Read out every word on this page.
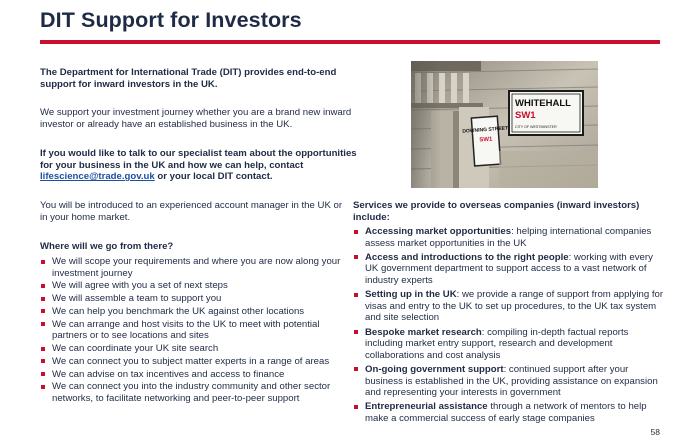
DIT Support for Investors
The Department for International Trade (DIT) provides end-to-end support for inward investors in the UK.
We support your investment journey whether you are a brand new inward investor or already have an established business in the UK.
If you would like to talk to our specialist team about the opportunities for your business in the UK and how we can help, contact lifescience@trade.gov.uk or your local DIT contact.
DOWNING STREET
SW1
WHITEHALL
SW1
CITY OF WESTMINSTER
You will be introduced to an experienced account manager in the UK or in your home market.
Where will we go from there?
We will scope your requirements and where you are now along your investment journey
We will agree with you a set of next steps
We will assemble a team to support you
We can help you benchmark the UK against other locations
We can arrange and host visits to the UK to meet with potential partners or to see locations and sites
We can coordinate your UK site search
We can connect you to subject matter experts in a range of areas
We can advise on tax incentives and access to finance
We can connect you into the industry community and other sector networks, to facilitate networking and peer-to-peer support
Services we provide to overseas companies (inward investors) include:
Accessing market opportunities: helping international companies assess market opportunities in the UK
Access and introductions to the right people: working with every UK government department to support access to a vast network of industry experts
Setting up in the UK: we provide a range of support from applying for visas and entry to the UK to set up procedures, to the UK tax system and site selection
Bespoke market research: compiling in-depth factual reports including market entry support, research and development collaborations and cost analysis
On-going government support: continued support after your business is established in the UK, providing assistance on expansion and representing your interests in government
Entrepreneurial assistance through a network of mentors to help make a commercial success of early stage companies
58
